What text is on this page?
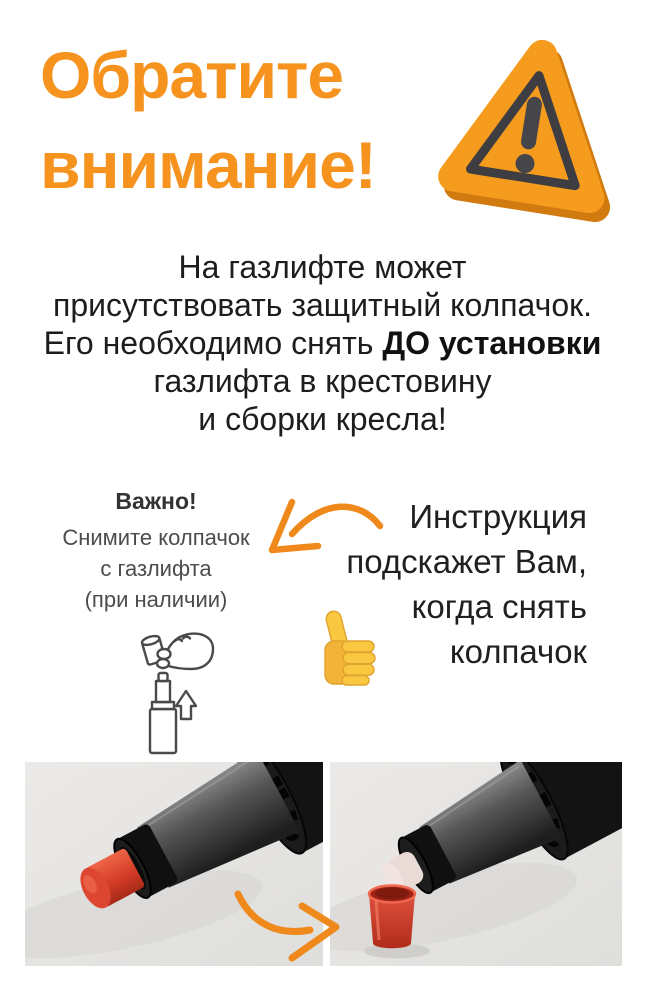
Обратите
внимание!

На газлифте может
присутствовать защитный колпачок.
Его необходимо снять ДО установки
газлифта в крестовину
и сборки кресла!

Важно!
Снимите колпачок
с газлифта
(при наличии)

Инструкция
подскажет Вам,
когда снять
колпачок
